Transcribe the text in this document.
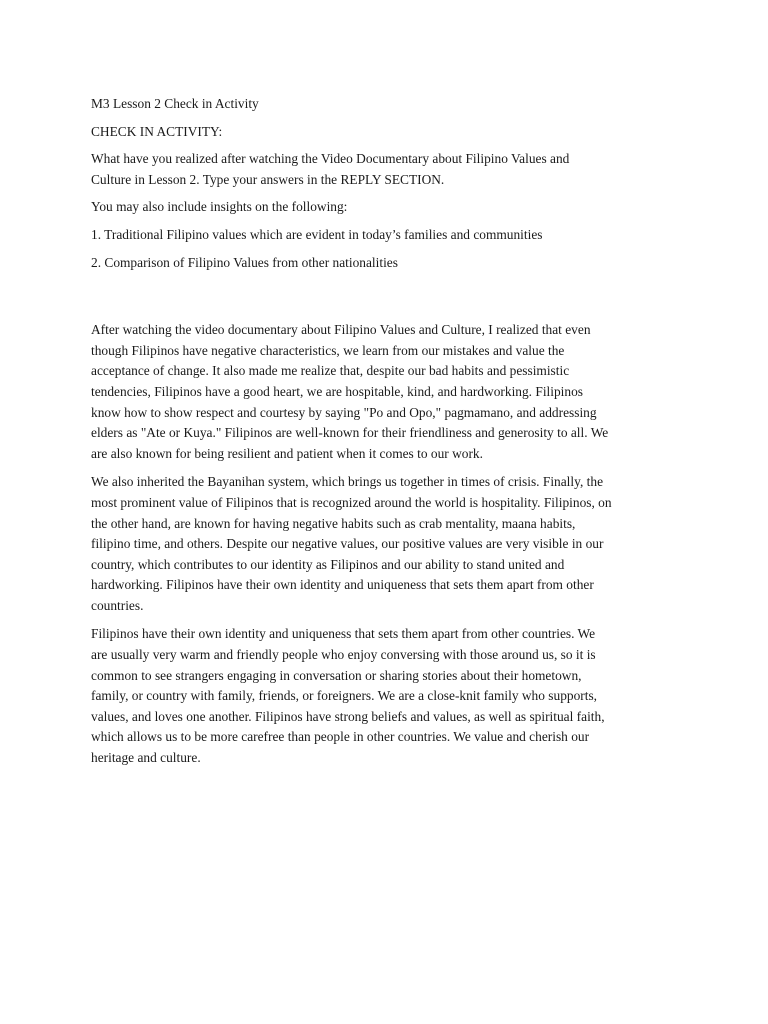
M3 Lesson 2 Check in Activity

CHECK IN ACTIVITY:

What have you realized after watching the Video Documentary about Filipino Values and
Culture in Lesson 2. Type your answers in the REPLY SECTION.

You may also include insights on the following:

1. Traditional Filipino values which are evident in today’s families and communities

2. Comparison of Filipino Values from other nationalities

After watching the video documentary about Filipino Values and Culture, I realized that even
though Filipinos have negative characteristics, we learn from our mistakes and value the
acceptance of change. It also made me realize that, despite our bad habits and pessimistic
tendencies, Filipinos have a good heart, we are hospitable, kind, and hardworking. Filipinos
know how to show respect and courtesy by saying "Po and Opo," pagmamano, and addressing
elders as "Ate or Kuya." Filipinos are well-known for their friendliness and generosity to all. We
are also known for being resilient and patient when it comes to our work.

We also inherited the Bayanihan system, which brings us together in times of crisis. Finally, the
most prominent value of Filipinos that is recognized around the world is hospitality. Filipinos, on
the other hand, are known for having negative habits such as crab mentality, maana habits,
filipino time, and others. Despite our negative values, our positive values are very visible in our
country, which contributes to our identity as Filipinos and our ability to stand united and
hardworking. Filipinos have their own identity and uniqueness that sets them apart from other
countries.

Filipinos have their own identity and uniqueness that sets them apart from other countries. We
are usually very warm and friendly people who enjoy conversing with those around us, so it is
common to see strangers engaging in conversation or sharing stories about their hometown,
family, or country with family, friends, or foreigners. We are a close-knit family who supports,
values, and loves one another. Filipinos have strong beliefs and values, as well as spiritual faith,
which allows us to be more carefree than people in other countries. We value and cherish our
heritage and culture.
